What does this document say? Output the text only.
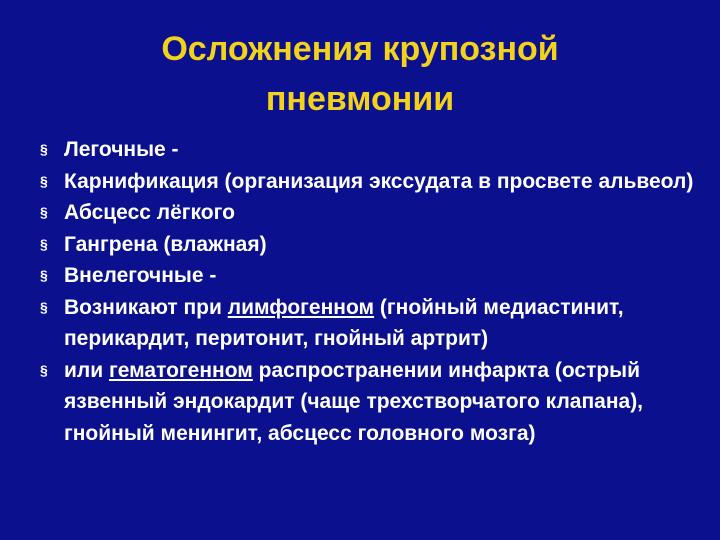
Осложнения крупозной
пневмонии
§ Легочные -
§ Карнификация (организация экссудата в просвете альвеол)
§ Абсцесс лёгкого
§ Гангрена (влажная)
§ Внелегочные -
§ Возникают при лимфогенном (гнойный медиастинит, перикардит, перитонит, гнойный артрит)
§ или гематогенном распространении инфаркта (острый язвенный эндокардит (чаще трехстворчатого клапана), гнойный менингит, абсцесс головного мозга)
